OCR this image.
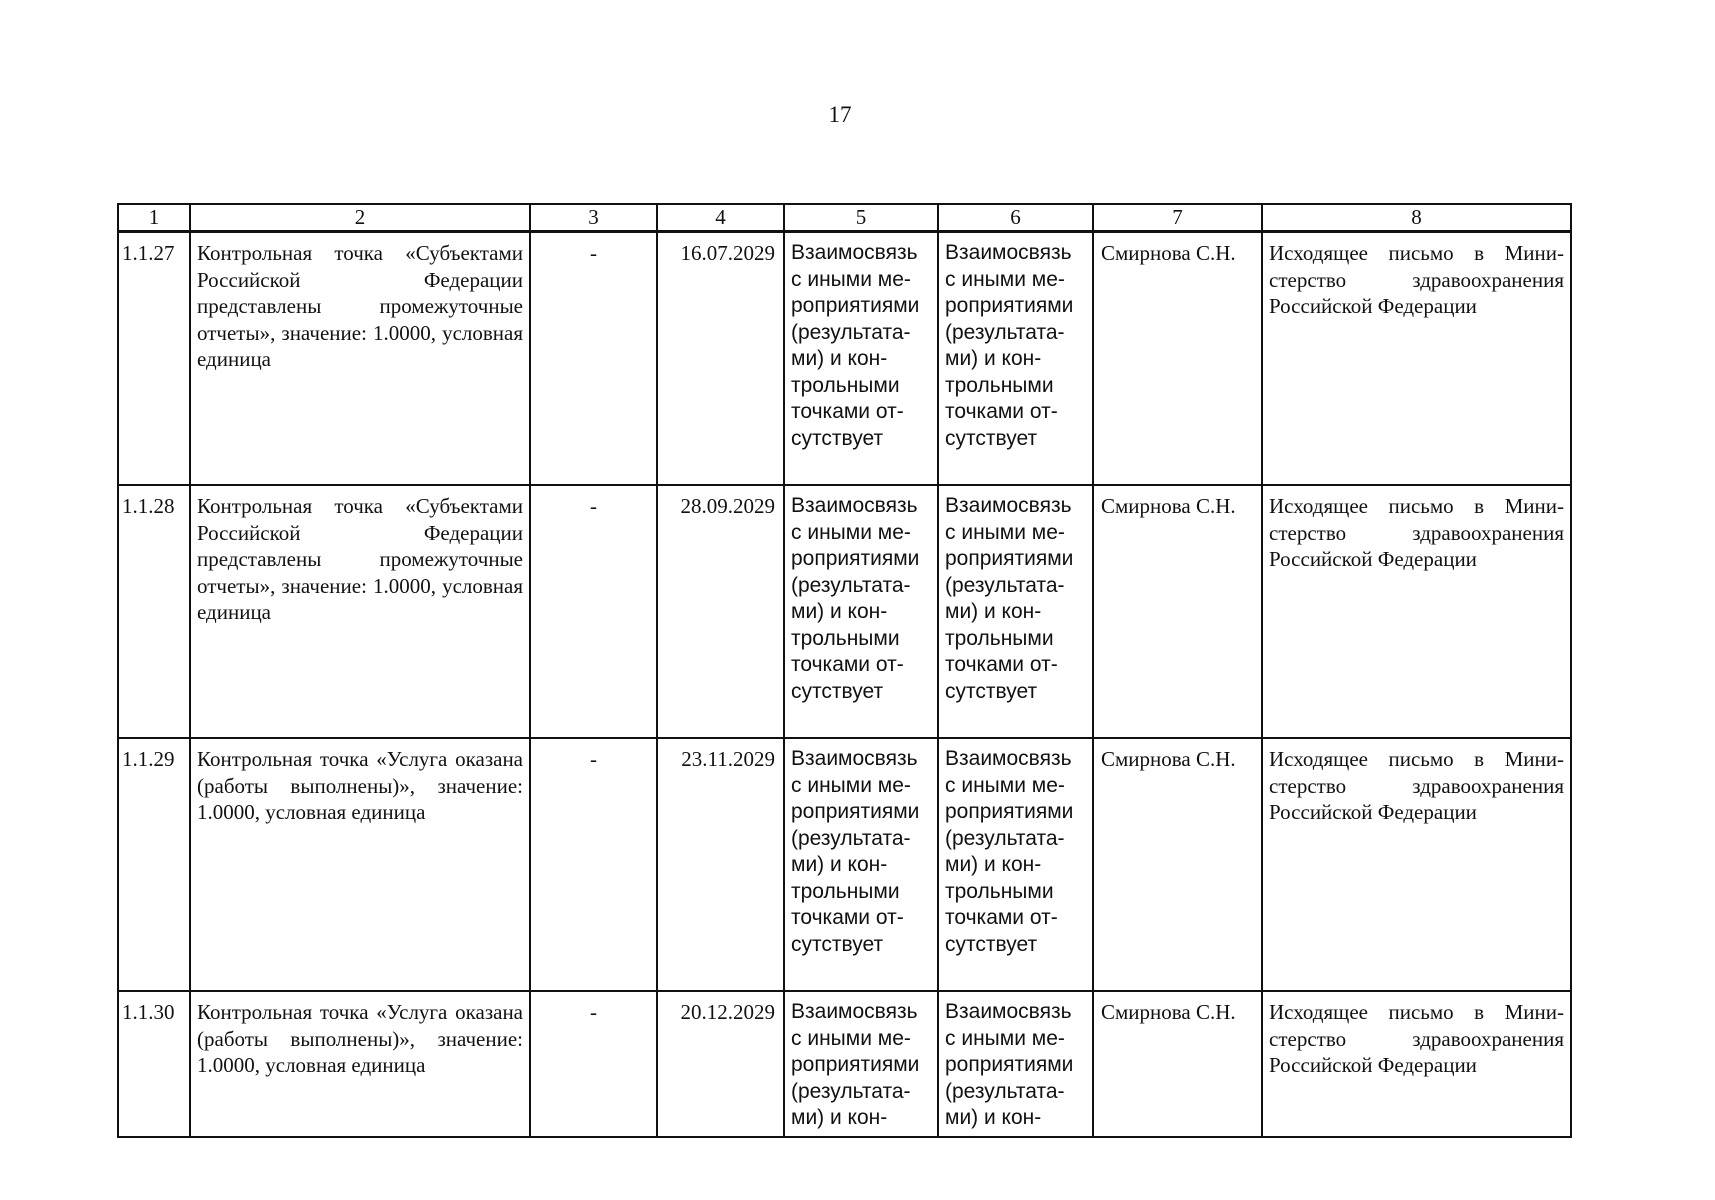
17
1	2	3	4	5	6	7	8
1.1.27	Контрольная точка «Субъектами Российской Федерации представлены промежуточные отчеты», значение: 1.0000, условная единица	-	16.07.2029	Взаимосвязь с иными мероприятиями (результатами) и контрольными точками отсутствует	Взаимосвязь с иными мероприятиями (результатами) и контрольными точками отсутствует	Смирнова С.Н.	Исходящее письмо в Министерство здравоохранения Российской Федерации
1.1.28	Контрольная точка «Субъектами Российской Федерации представлены промежуточные отчеты», значение: 1.0000, условная единица	-	28.09.2029	Взаимосвязь с иными мероприятиями (результатами) и контрольными точками отсутствует	Взаимосвязь с иными мероприятиями (результатами) и контрольными точками отсутствует	Смирнова С.Н.	Исходящее письмо в Министерство здравоохранения Российской Федерации
1.1.29	Контрольная точка «Услуга оказана (работы выполнены)», значение: 1.0000, условная единица	-	23.11.2029	Взаимосвязь с иными мероприятиями (результатами) и контрольными точками отсутствует	Взаимосвязь с иными мероприятиями (результатами) и контрольными точками отсутствует	Смирнова С.Н.	Исходящее письмо в Министерство здравоохранения Российской Федерации
1.1.30	Контрольная точка «Услуга оказана (работы выполнены)», значение: 1.0000, условная единица	-	20.12.2029	Взаимосвязь с иными мероприятиями (результатами) и кон-	Взаимосвязь с иными мероприятиями (результатами) и кон-	Смирнова С.Н.	Исходящее письмо в Министерство здравоохранения Российской Федерации
